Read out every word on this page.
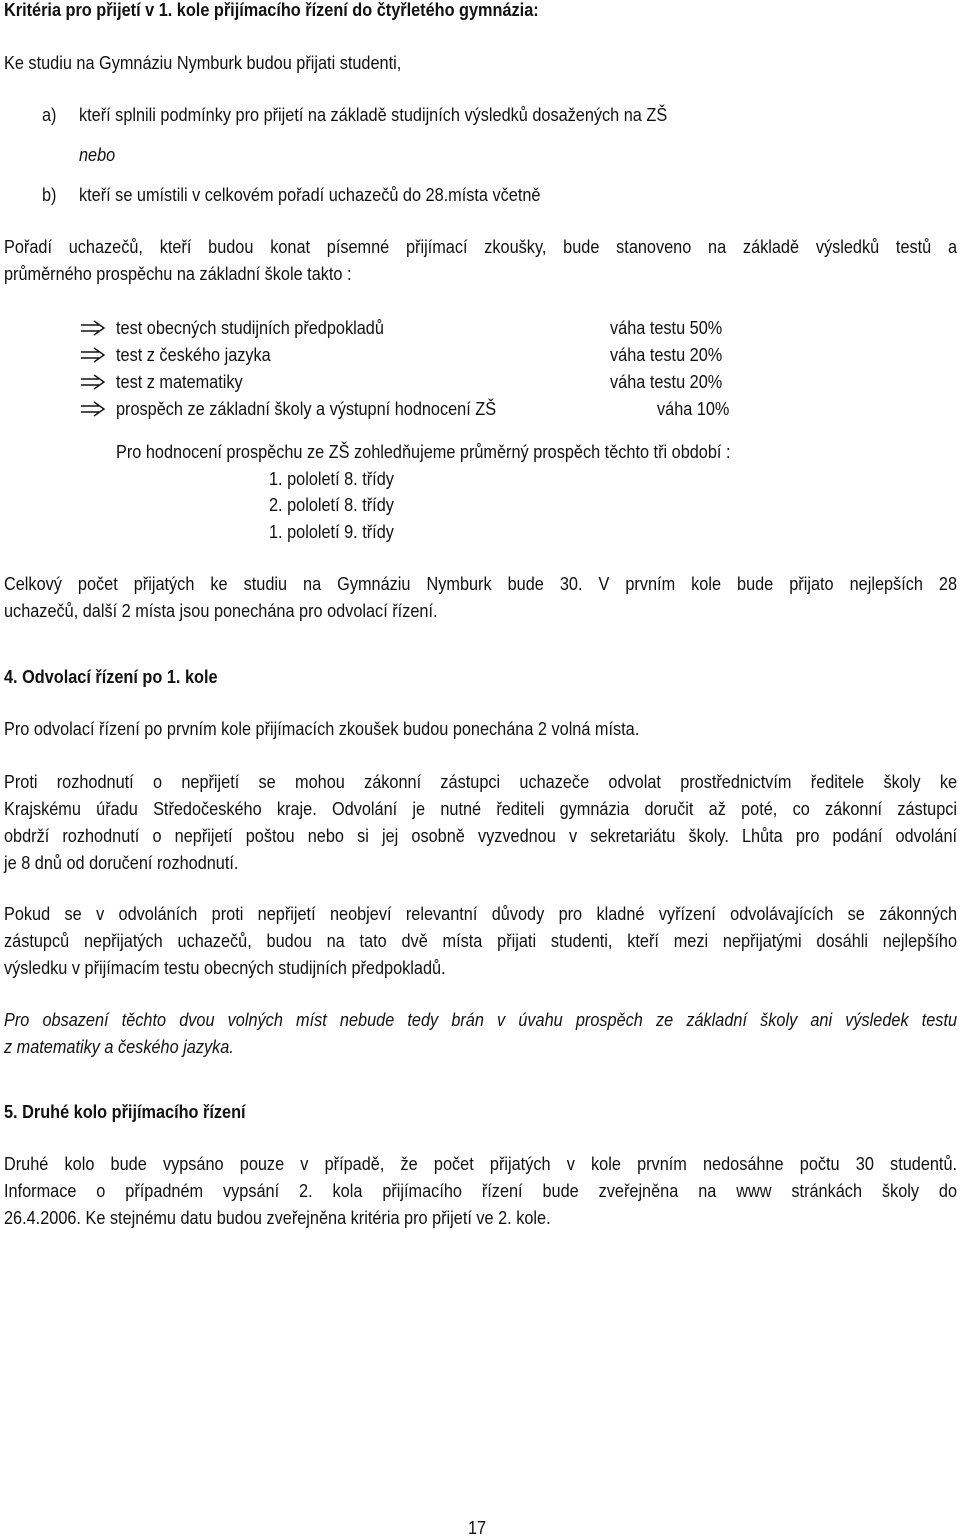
Kritéria pro přijetí v 1. kole přijímacího řízení do čtyřletého gymnázia:

Ke studiu na Gymnáziu Nymburk budou přijati studenti,

a) kteří splnili podmínky pro přijetí na základě studijních výsledků dosažených na ZŠ

nebo

b) kteří se umístili v celkovém pořadí uchazečů do 28.místa včetně

Pořadí uchazečů, kteří budou konat písemné přijímací zkoušky, bude stanoveno na základě výsledků testů a
průměrného prospěchu na základní škole takto :

test obecných studijních předpokladů	váha testu 50%

test z českého jazyka	váha testu 20%

test z matematiky	váha testu 20%

prospěch ze základní školy a výstupní hodnocení ZŠ	váha 10%

Pro hodnocení prospěchu ze ZŠ zohledňujeme průměrný prospěch těchto tři období :

1. pololetí 8. třídy

2. pololetí 8. třídy

1. pololetí 9. třídy

Celkový počet přijatých ke studiu na Gymnáziu Nymburk bude 30. V prvním kole bude přijato nejlepších 28
uchazečů, další 2 místa jsou ponechána pro odvolací řízení.

4. Odvolací řízení po 1. kole

Pro odvolací řízení po prvním kole přijímacích zkoušek budou ponechána 2 volná místa.

Proti rozhodnutí o nepřijetí se mohou zákonní zástupci uchazeče odvolat prostřednictvím ředitele školy ke
Krajskému úřadu Středočeského kraje. Odvolání je nutné řediteli gymnázia doručit až poté, co zákonní zástupci
obdrží rozhodnutí o nepřijetí poštou nebo si jej osobně vyzvednou v sekretariátu školy. Lhůta pro podání odvolání
je 8 dnů od doručení rozhodnutí.
Pokud se v odvoláních proti nepřijetí neobjeví relevantní důvody pro kladné vyřízení odvolávajících se zákonných
zástupců nepřijatých uchazečů, budou na tato dvě místa přijati studenti, kteří mezi nepřijatými dosáhli nejlepšího
výsledku v přijímacím testu obecných studijních předpokladů.
Pro obsazení těchto dvou volných míst nebude tedy brán v úvahu prospěch ze základní školy ani výsledek testu
z matematiky a českého jazyka.

5. Druhé kolo přijímacího řízení

Druhé kolo bude vypsáno pouze v případě, že počet přijatých v kole prvním nedosáhne počtu 30 studentů.
Informace o případném vypsání 2. kola přijímacího řízení bude zveřejněna na www stránkách školy do
26.4.2006. Ke stejnému datu budou zveřejněna kritéria pro přijetí ve 2. kole.

17
